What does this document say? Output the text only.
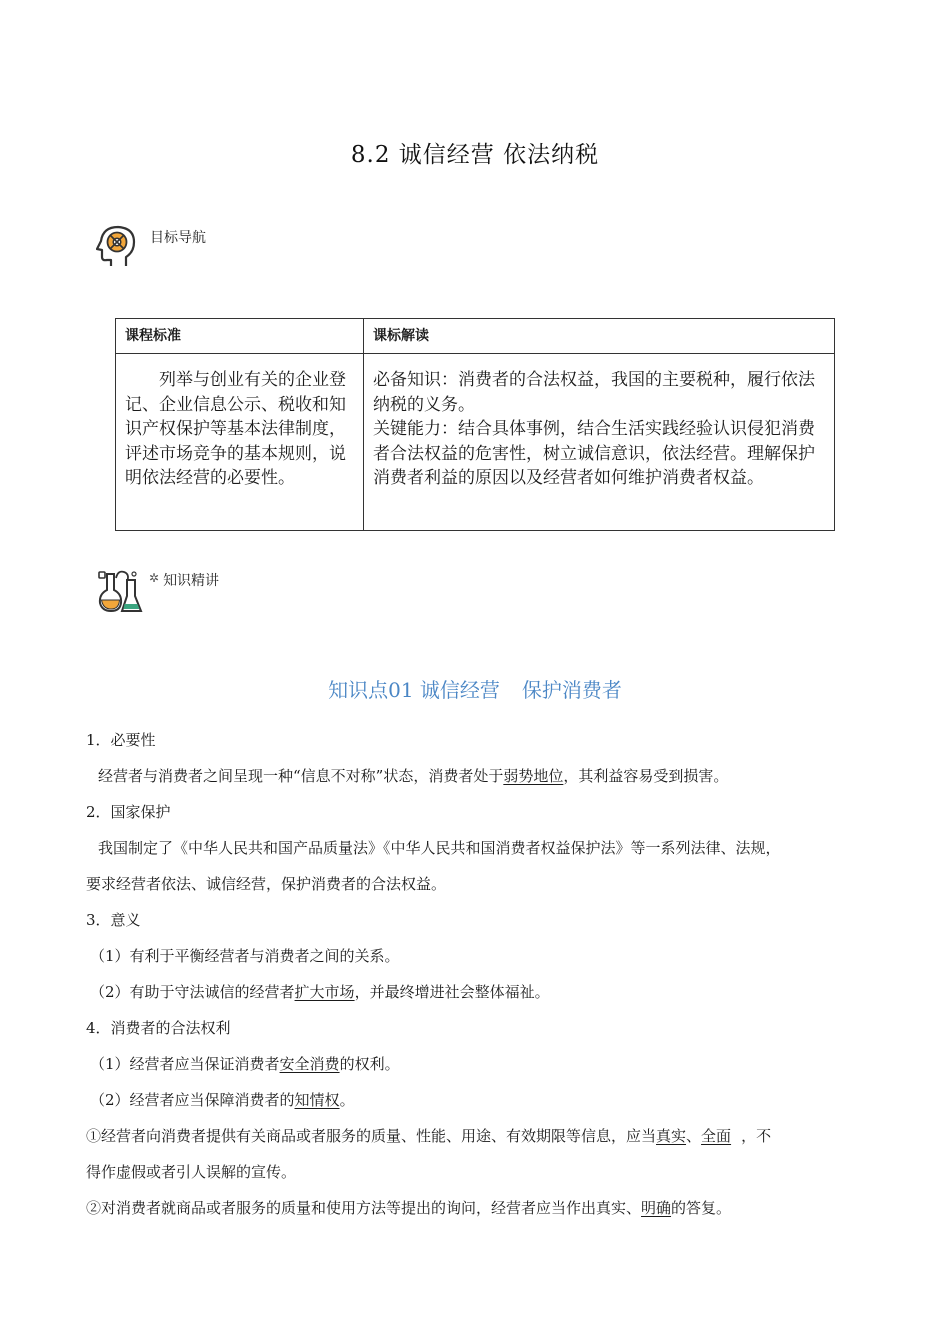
8.2 诚信经营 依法纳税
目标导航
课程标准	课标解读
列举与创业有关的企业登记、企业信息公示、税收和知识产权保护等基本法律制度，评述市场竞争的基本规则，说明依法经营的必要性。	必备知识：消费者的合法权益，我国的主要税种，履行依法纳税的义务。

关键能力：结合具体事例，结合生活实践经验认识侵犯消费者合法权益的危害性，树立诚信意识，依法经营。理解保护消费者利益的原因以及经营者如何维护消费者权益。

✲ 知识精讲
知识点01 诚信经营 保护消费者
1．必要性
经营者与消费者之间呈现一种“信息不对称”状态，消费者处于弱势地位，其利益容易受到损害。
2．国家保护
我国制定了《中华人民共和国产品质量法》《中华人民共和国消费者权益保护法》等一系列法律、法规，
要求经营者依法、诚信经营，保护消费者的合法权益。
3．意义
（1）有利于平衡经营者与消费者之间的关系。
（2）有助于守法诚信的经营者扩大市场，并最终增进社会整体福祉。
4．消费者的合法权利
（1）经营者应当保证消费者安全消费的权利。
（2）经营者应当保障消费者的知情权。
①经营者向消费者提供有关商品或者服务的质量、性能、用途、有效期限等信息，应当真实、全面 ，不
得作虚假或者引人误解的宣传。
②对消费者就商品或者服务的质量和使用方法等提出的询问，经营者应当作出真实、明确的答复。
